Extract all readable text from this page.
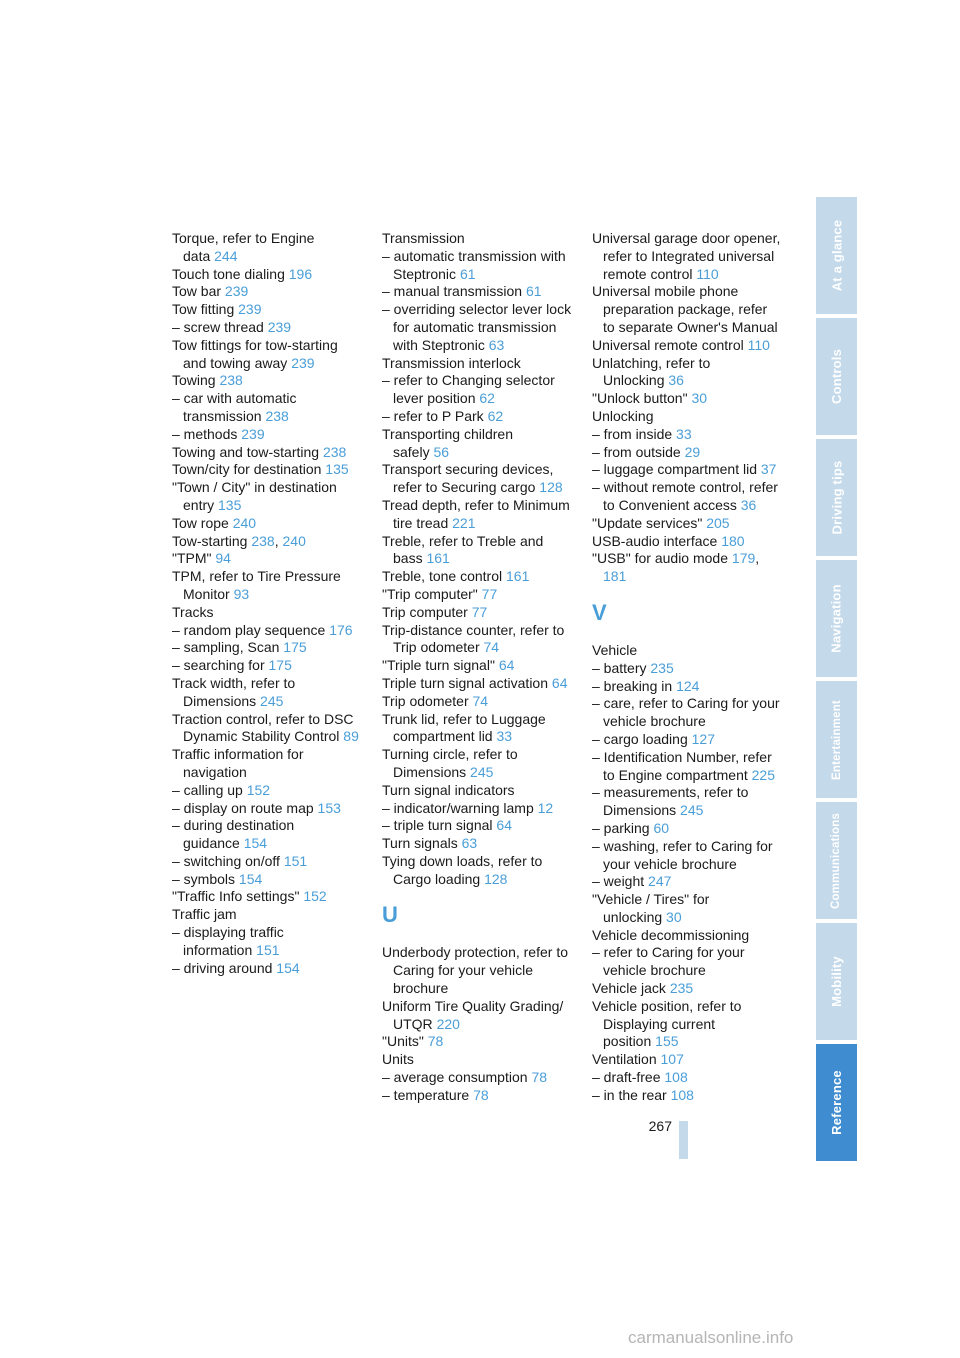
Torque, refer to Engine data 244
Touch tone dialing 196
Tow bar 239
Tow fitting 239
– screw thread 239
Tow fittings for tow-starting and towing away 239
Towing 238
– car with automatic transmission 238
– methods 239
Towing and tow-starting 238
Town/city for destination 135
"Town / City" in destination entry 135
Tow rope 240
Tow-starting 238, 240
"TPM" 94
TPM, refer to Tire Pressure Monitor 93
Tracks
– random play sequence 176
– sampling, Scan 175
– searching for 175
Track width, refer to Dimensions 245
Traction control, refer to DSC Dynamic Stability Control 89
Traffic information for navigation
– calling up 152
– display on route map 153
– during destination guidance 154
– switching on/off 151
– symbols 154
"Traffic Info settings" 152
Traffic jam
– displaying traffic information 151
– driving around 154
Transmission
– automatic transmission with Steptronic 61
– manual transmission 61
– overriding selector lever lock for automatic transmission with Steptronic 63
Transmission interlock
– refer to Changing selector lever position 62
– refer to P Park 62
Transporting children safely 56
Transport securing devices, refer to Securing cargo 128
Tread depth, refer to Minimum tire tread 221
Treble, refer to Treble and bass 161
Treble, tone control 161
"Trip computer" 77
Trip computer 77
Trip-distance counter, refer to Trip odometer 74
"Triple turn signal" 64
Triple turn signal activation 64
Trip odometer 74
Trunk lid, refer to Luggage compartment lid 33
Turning circle, refer to Dimensions 245
Turn signal indicators
– indicator/warning lamp 12
– triple turn signal 64
Turn signals 63
Tying down loads, refer to Cargo loading 128
U
Underbody protection, refer to Caring for your vehicle brochure
Uniform Tire Quality Grading/ UTQR 220
"Units" 78
Units
– average consumption 78
– temperature 78
Universal garage door opener, refer to Integrated universal remote control 110
Universal mobile phone preparation package, refer to separate Owner's Manual
Universal remote control 110
Unlatching, refer to Unlocking 36
"Unlock button" 30
Unlocking
– from inside 33
– from outside 29
– luggage compartment lid 37
– without remote control, refer to Convenient access 36
"Update services" 205
USB-audio interface 180
"USB" for audio mode 179, 181
V
Vehicle
– battery 235
– breaking in 124
– care, refer to Caring for your vehicle brochure
– cargo loading 127
– Identification Number, refer to Engine compartment 225
– measurements, refer to Dimensions 245
– parking 60
– washing, refer to Caring for your vehicle brochure
– weight 247
"Vehicle / Tires" for unlocking 30
Vehicle decommissioning
– refer to Caring for your vehicle brochure
Vehicle jack 235
Vehicle position, refer to Displaying current position 155
Ventilation 107
– draft-free 108
– in the rear 108
At a glance
Controls
Driving tips
Navigation
Entertainment
Communications
Mobility
Reference
267
carmanualsonline.info
